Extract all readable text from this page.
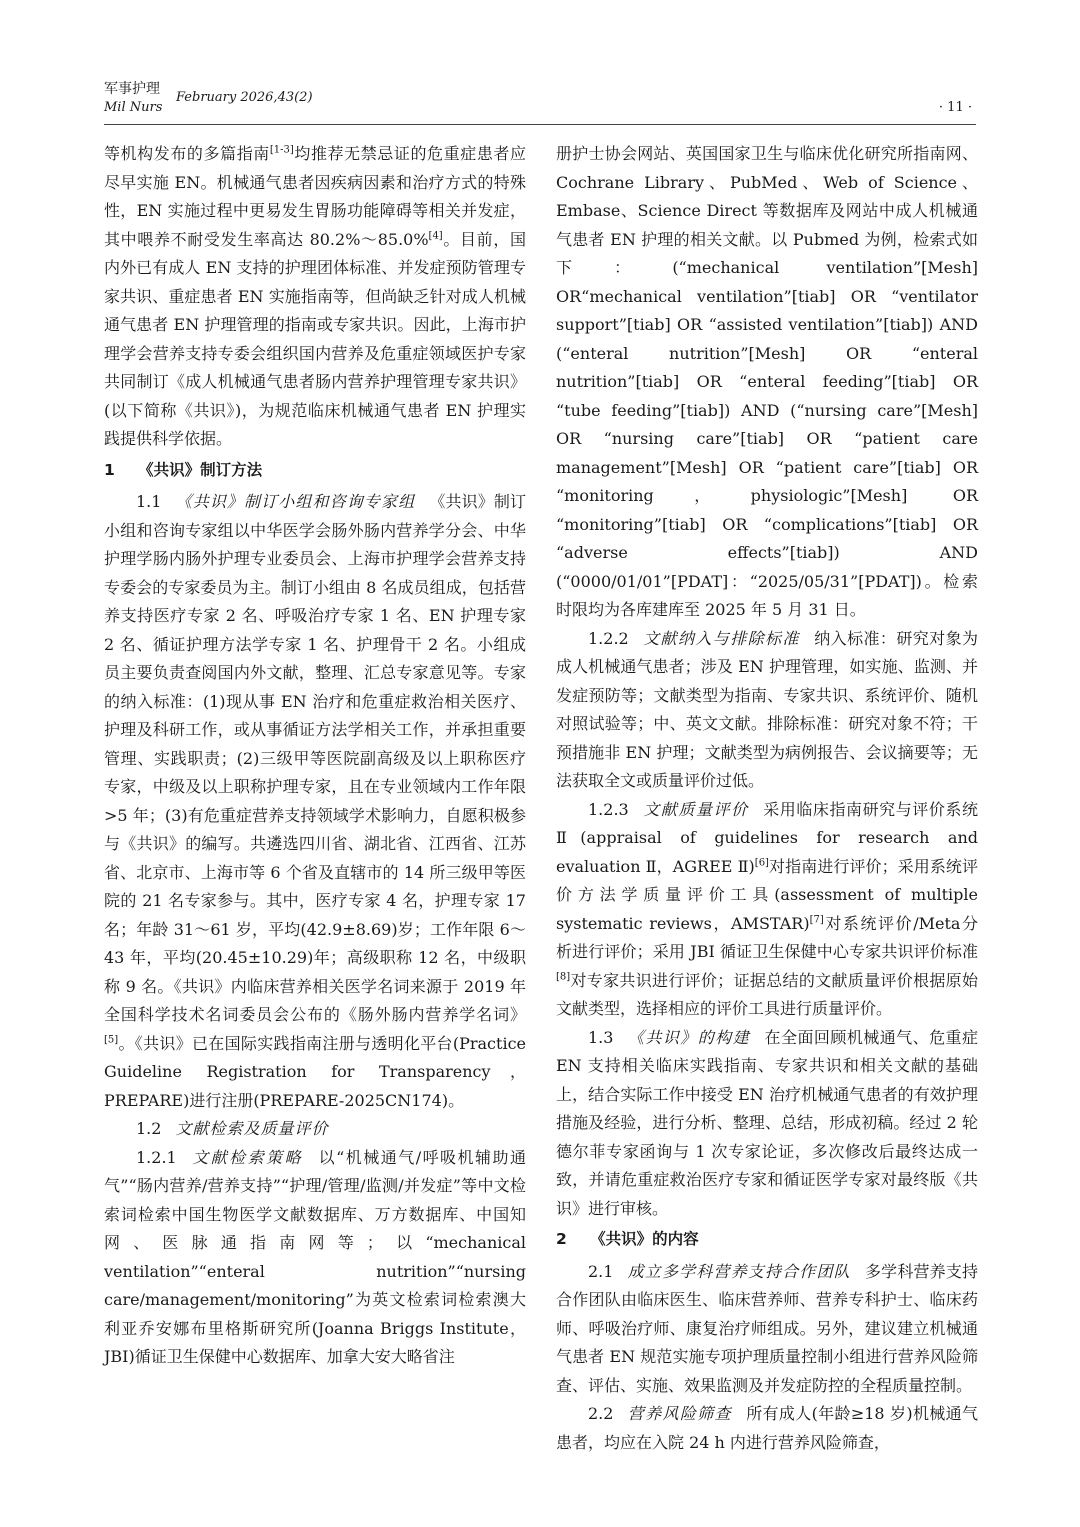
军事护理
Mil Nurs
February 2026,43(2)
· 11 ·

等机构发布的多篇指南[1-3]均推荐无禁忌证的危重症患者应尽早实施 EN。机械通气患者因疾病因素和治疗方式的特殊性，EN 实施过程中更易发生胃肠功能障碍等相关并发症，其中喂养不耐受发生率高达 80.2%～85.0%[4]。目前，国内外已有成人 EN 支持的护理团体标准、并发症预防管理专家共识、重症患者 EN 实施指南等，但尚缺乏针对成人机械通气患者 EN 护理管理的指南或专家共识。因此，上海市护理学会营养支持专委会组织国内营养及危重症领域医护专家共同制订《成人机械通气患者肠内营养护理管理专家共识》(以下简称《共识》)，为规范临床机械通气患者 EN 护理实践提供科学依据。

1 《共识》制订方法

1.1 《共识》制订小组和咨询专家组 《共识》制订小组和咨询专家组以中华医学会肠外肠内营养学分会、中华护理学肠内肠外护理专业委员会、上海市护理学会营养支持专委会的专家委员为主。制订小组由 8 名成员组成，包括营养支持医疗专家 2 名、呼吸治疗专家 1 名、EN 护理专家 2 名、循证护理方法学专家 1 名、护理骨干 2 名。小组成员主要负责查阅国内外文献，整理、汇总专家意见等。专家的纳入标准：(1)现从事 EN 治疗和危重症救治相关医疗、护理及科研工作，或从事循证方法学相关工作，并承担重要管理、实践职责；(2)三级甲等医院副高级及以上职称医疗专家，中级及以上职称护理专家，且在专业领域内工作年限>5 年；(3)有危重症营养支持领域学术影响力，自愿积极参与《共识》的编写。共遴选四川省、湖北省、江西省、江苏省、北京市、上海市等 6 个省及直辖市的 14 所三级甲等医院的 21 名专家参与。其中，医疗专家 4 名，护理专家 17 名；年龄 31～61 岁，平均(42.9±8.69)岁；工作年限 6～43 年，平均(20.45±10.29)年；高级职称 12 名，中级职称 9 名。《共识》内临床营养相关医学名词来源于 2019 年全国科学技术名词委员会公布的《肠外肠内营养学名词》[5]。《共识》已在国际实践指南注册与透明化平台(Practice Guideline Registration for Transparency，PREPARE)进行注册(PREPARE-2025CN174)。

1.2 文献检索及质量评价

1.2.1 文献检索策略 以“机械通气/呼吸机辅助通气”“肠内营养/营养支持”“护理/管理/监测/并发症”等中文检索词检索中国生物医学文献数据库、万方数据库、中国知网、医脉通指南网等；以“mechanical ventilation”“enteral nutrition”“nursing care/management/monitoring”为英文检索词检索澳大利亚乔安娜布里格斯研究所(Joanna Briggs Institute，JBI)循证卫生保健中心数据库、加拿大安大略省注

册护士协会网站、英国国家卫生与临床优化研究所指南网、Cochrane Library、PubMed、Web of Science、Embase、Science Direct 等数据库及网站中成人机械通气患者 EN 护理的相关文献。以 Pubmed 为例，检索式如下：(“mechanical ventilation”[Mesh] OR“mechanical ventilation”[tiab] OR “ventilator support”[tiab] OR “assisted ventilation”[tiab]) AND (“enteral nutrition”[Mesh] OR “enteral nutrition”[tiab] OR “enteral feeding”[tiab] OR “tube feeding”[tiab]) AND (“nursing care”[Mesh] OR “nursing care”[tiab] OR “patient care management”[Mesh] OR “patient care”[tiab] OR “monitoring，physiologic”[Mesh] OR “monitoring”[tiab] OR “complications”[tiab] OR “adverse effects”[tiab]) AND (“0000/01/01”[PDAT]：“2025/05/31”[PDAT])。检索时限均为各库建库至 2025 年 5 月 31 日。

1.2.2 文献纳入与排除标准 纳入标准：研究对象为成人机械通气患者；涉及 EN 护理管理，如实施、监测、并发症预防等；文献类型为指南、专家共识、系统评价、随机对照试验等；中、英文文献。排除标准：研究对象不符；干预措施非 EN 护理；文献类型为病例报告、会议摘要等；无法获取全文或质量评价过低。

1.2.3 文献质量评价 采用临床指南研究与评价系统Ⅱ(appraisal of guidelines for research and evaluation Ⅱ，AGREE Ⅱ)[6]对指南进行评价；采用系统评价方法学质量评价工具(assessment of multiple systematic reviews，AMSTAR)[7]对系统评价/Meta分析进行评价；采用 JBI 循证卫生保健中心专家共识评价标准[8]对专家共识进行评价；证据总结的文献质量评价根据原始文献类型，选择相应的评价工具进行质量评价。

1.3 《共识》的构建 在全面回顾机械通气、危重症 EN 支持相关临床实践指南、专家共识和相关文献的基础上，结合实际工作中接受 EN 治疗机械通气患者的有效护理措施及经验，进行分析、整理、总结，形成初稿。经过 2 轮德尔菲专家函询与 1 次专家论证，多次修改后最终达成一致，并请危重症救治医疗专家和循证医学专家对最终版《共识》进行审核。

2 《共识》的内容

2.1 成立多学科营养支持合作团队 多学科营养支持合作团队由临床医生、临床营养师、营养专科护士、临床药师、呼吸治疗师、康复治疗师组成。另外，建议建立机械通气患者 EN 规范实施专项护理质量控制小组进行营养风险筛查、评估、实施、效果监测及并发症防控的全程质量控制。

2.2 营养风险筛查 所有成人(年龄≥18 岁)机械通气患者，均应在入院 24 h 内进行营养风险筛查，
